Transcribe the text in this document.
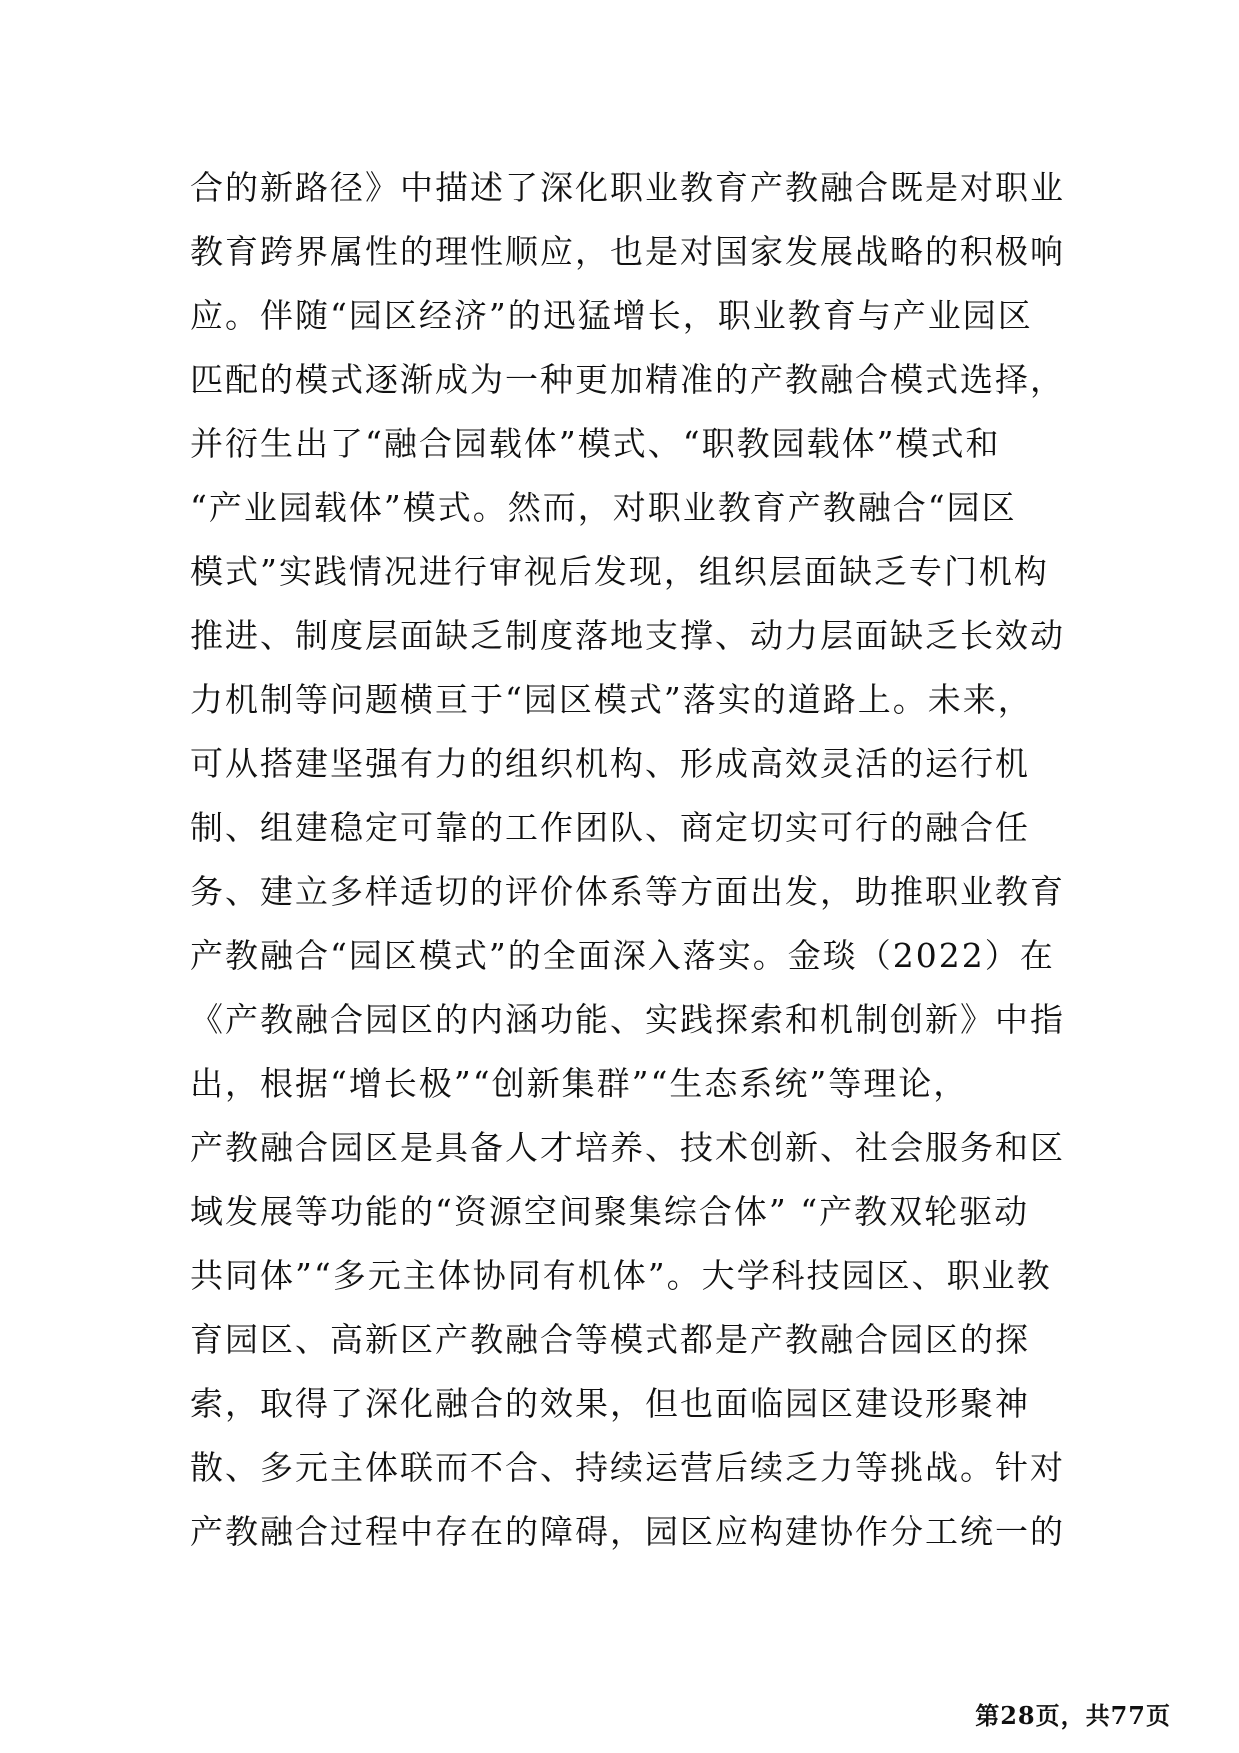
合的新路径》中描述了深化职业教育产教融合既是对职业
教育跨界属性的理性顺应，也是对国家发展战略的积极响
应。伴随“园区经济”的迅猛增长，职业教育与产业园区
匹配的模式逐渐成为一种更加精准的产教融合模式选择，
并衍生出了“融合园载体”模式、“职教园载体”模式和
“产业园载体”模式。然而，对职业教育产教融合“园区
模式”实践情况进行审视后发现，组织层面缺乏专门机构
推进、制度层面缺乏制度落地支撑、动力层面缺乏长效动
力机制等问题横亘于“园区模式”落实的道路上。未来，
可从搭建坚强有力的组织机构、形成高效灵活的运行机
制、组建稳定可靠的工作团队、商定切实可行的融合任
务、建立多样适切的评价体系等方面出发，助推职业教育
产教融合“园区模式”的全面深入落实。金琰（2022）在
《产教融合园区的内涵功能、实践探索和机制创新》中指
出，根据“增长极”“创新集群”“生态系统”等理论，
产教融合园区是具备人才培养、技术创新、社会服务和区
域发展等功能的“资源空间聚集综合体” “产教双轮驱动
共同体”“多元主体协同有机体”。大学科技园区、职业教
育园区、高新区产教融合等模式都是产教融合园区的探
索，取得了深化融合的效果，但也面临园区建设形聚神
散、多元主体联而不合、持续运营后续乏力等挑战。针对
产教融合过程中存在的障碍，园区应构建协作分工统一的
第28页，共77页
